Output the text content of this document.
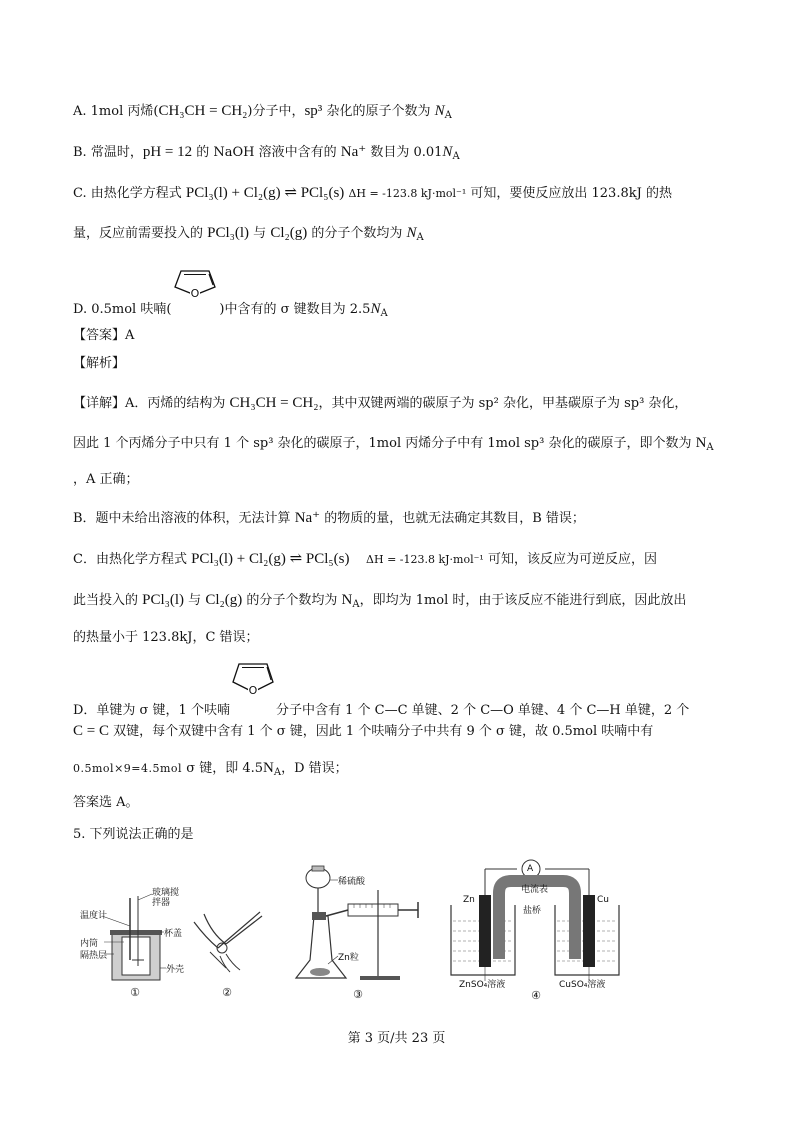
A. 1mol 丙烯(CH₃CH = CH₂)分子中，sp³ 杂化的原子个数为 $N_A$
B. 常温时，pH = 12 的 NaOH 溶液中含有的 Na⁺ 数目为 $0.01N_A$
C. 由热化学方程式 PCl₃(l) + Cl₂(g) ⇌ PCl₅(s) ΔH = -123.8 kJ·mol⁻¹ 可知，要使反应放出 123.8kJ 的热
量，反应前需要投入的 PCl₃(l) 与 Cl₂(g) 的分子个数均为 $N_A$
D. 0.5mol 呋喃(
O
)中含有的 σ 键数目为 $2.5N_A$
【答案】A
【解析】
【详解】A．丙烯的结构为 CH₃CH = CH₂，其中双键两端的碳原子为 sp² 杂化，甲基碳原子为 sp³ 杂化，
因此 1 个丙烯分子中只有 1 个 sp³ 杂化的碳原子，1mol 丙烯分子中有 1mol sp³ 杂化的碳原子，即个数为 $N_A$
，A 正确；
B．题中未给出溶液的体积，无法计算 Na⁺ 的物质的量，也就无法确定其数目，B 错误；
C．由热化学方程式 PCl₃(l) + Cl₂(g) ⇌ PCl₅(s) ΔH = -123.8 kJ·mol⁻¹ 可知，该反应为可逆反应，因
此当投入的 PCl₃(l) 与 Cl₂(g) 的分子个数均为 $N_A$，即均为 1mol 时，由于该反应不能进行到底，因此放出
的热量小于 123.8kJ，C 错误；
D．单键为 σ 键，1 个呋喃
O
分子中含有 1 个 C—C 单键、2 个 C—O 单键、4 个 C—H 单键，2 个
C = C 双键，每个双键中含有 1 个 σ 键，因此 1 个呋喃分子中共有 9 个 σ 键，故 0.5mol 呋喃中有
0.5mol×9=4.5mol σ 键，即 $4.5N_A$，D 错误；
答案选 A。
5. 下列说法正确的是
温度计
玻璃搅拌器
杯盖
内筒
隔热层
外壳
①	②
稀硫酸
Zn粒
③
A
电流表
盐桥
Zn	Cu
ZnSO₄溶液	CuSO₄溶液
④
第 3 页/共 23 页
